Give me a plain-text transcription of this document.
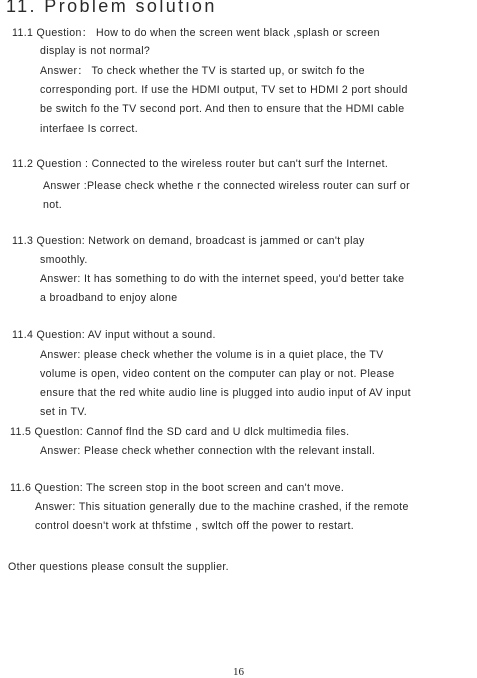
11. Problem solution
11.1 Question： How to do when the screen went black ,splash or screen
display is not normal?
Answer： To check whether the TV is started up, or switch fo the
corresponding port. If use the HDMI output, TV set to HDMI 2 port should
be switch fo the TV second port. And then to ensure that the HDMI cable
interfaee Is correct.
11.2 Question : Connected to the wireless router but can't surf the Internet.
Answer :Please check whethe r the connected wireless router can surf or
not.
11.3 Question: Network on demand, broadcast is jammed or can't play
smoothly.
Answer: It has something to do with the internet speed, you'd better take
a broadband to enjoy alone
11.4 Question: AV input without a sound.
Answer: please check whether the volume is in a quiet place, the TV
volume is open, video content on the computer can play or not. Please
ensure that the red white audio line is plugged into audio input of AV input
set in TV.
11.5 Questlon: Cannof flnd the SD card and U dlck multimedia files.
Answer: Please check whether connection wlth the relevant install.
11.6 Question: The screen stop in the boot screen and can't move.
Answer: This situation generally due to the machine crashed, if the remote
control doesn't work at thfstime , swltch off the power to restart.
Other questions please consult the supplier.
16
